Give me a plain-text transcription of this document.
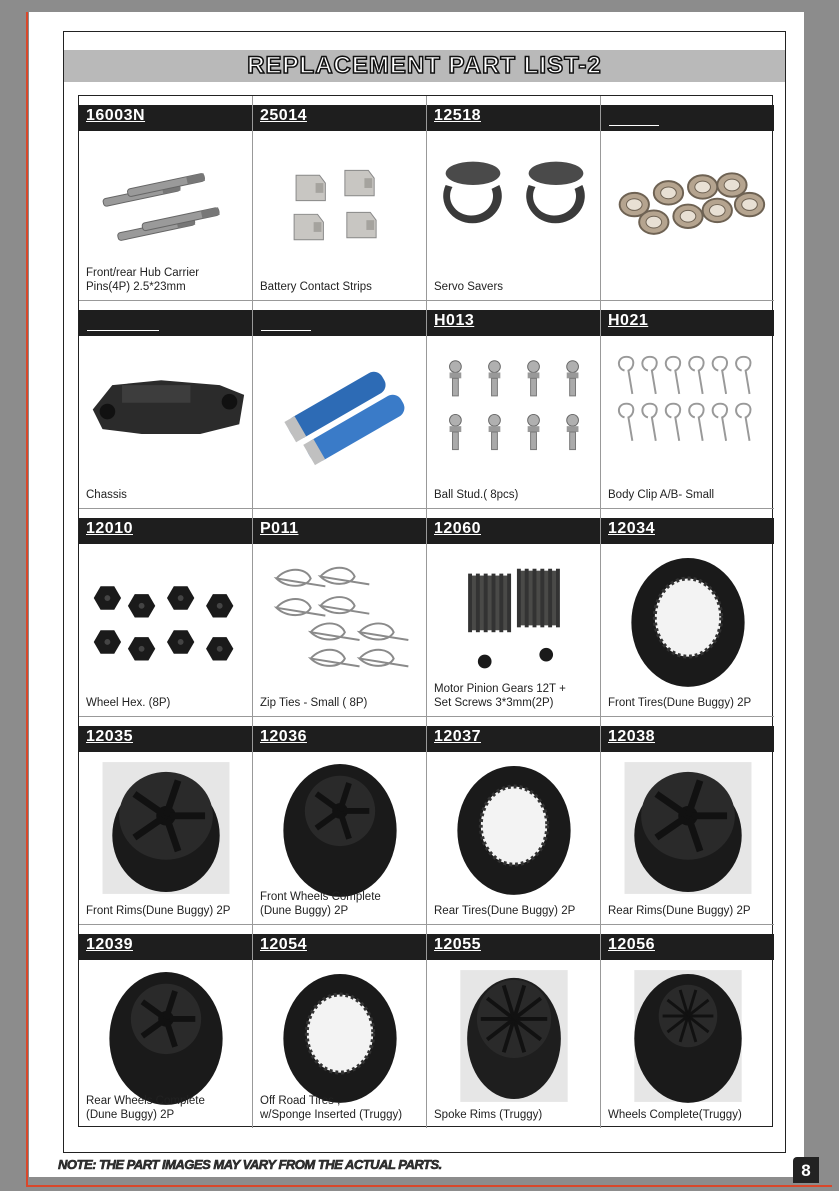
REPLACEMENT PART LIST-2
16003N
Front/rear Hub Carrier
Pins(4P) 2.5*23mm
25014
Battery Contact Strips
12518
Servo Savers
Chassis
H013
Ball Stud.( 8pcs)
H021
Body Clip A/B- Small
12010
Wheel Hex. (8P)
P011
Zip Ties - Small ( 8P)
12060
Motor Pinion Gears 12T +
Set Screws 3*3mm(2P)
12034
Front Tires(Dune Buggy) 2P
12035
Front Rims(Dune Buggy) 2P
12036
Front Wheels Complete
(Dune Buggy) 2P
12037
Rear Tires(Dune Buggy) 2P
12038
Rear Rims(Dune Buggy) 2P
12039
Rear Wheels Complete
(Dune Buggy) 2P
12054
Off Road Tires ,
w/Sponge Inserted (Truggy)
12055
Spoke Rims (Truggy)
12056
Wheels Complete(Truggy)
NOTE: THE PART IMAGES MAY VARY FROM THE ACTUAL PARTS.	8
